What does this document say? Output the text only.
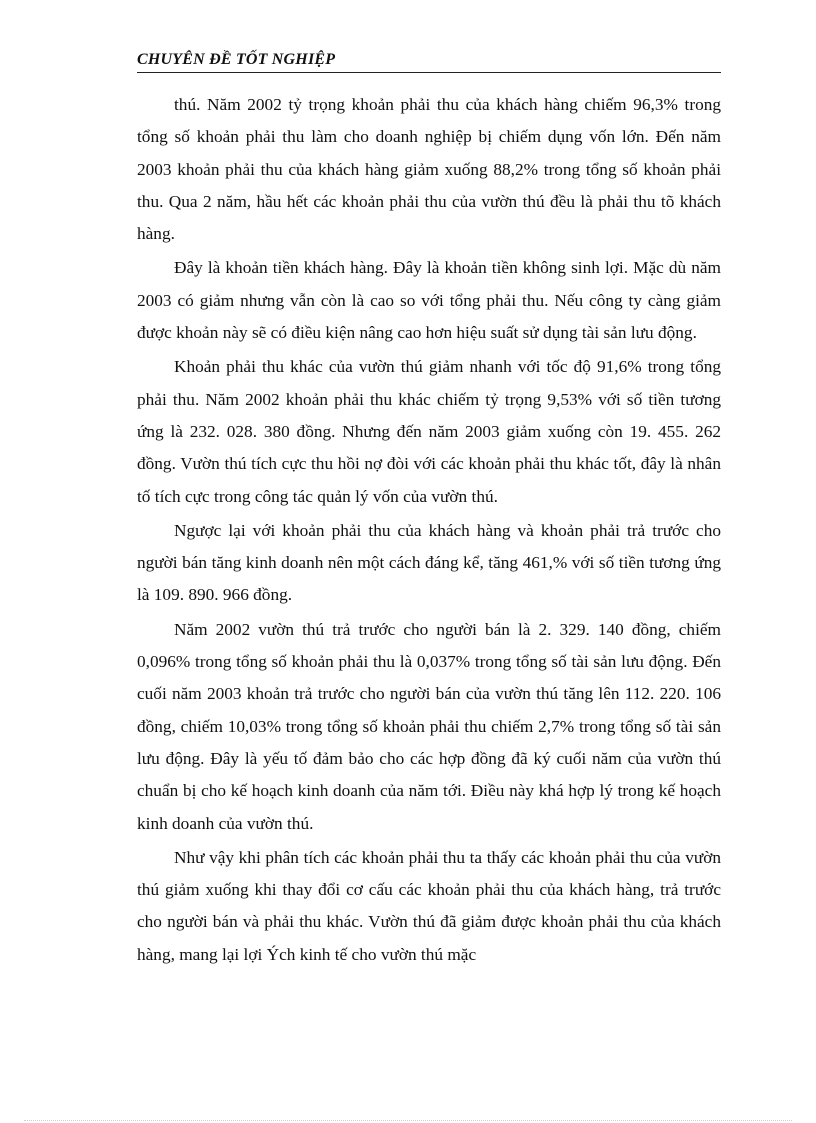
CHUYÊN ĐỀ TỐT NGHIỆP

thú. Năm 2002 tỷ trọng khoản phải thu của khách hàng chiếm 96,3% trong tổng số khoản phải thu làm cho doanh nghiệp bị chiếm dụng vốn lớn. Đến năm 2003 khoản phải thu của khách hàng giảm xuống 88,2% trong tổng số khoản phải thu. Qua 2 năm, hầu hết các khoản phải thu của vườn thú đều là phải thu tõ khách hàng.

Đây là khoản tiền khách hàng. Đây là khoản tiền không sinh lợi. Mặc dù năm 2003 có giảm nhưng vẫn còn là cao so với tổng phải thu. Nếu công ty càng giảm được khoản này sẽ có điều kiện nâng cao hơn hiệu suất sử dụng tài sản lưu động.

Khoản phải thu khác của vườn thú giảm nhanh với tốc độ 91,6% trong tổng phải thu. Năm 2002 khoản phải thu khác chiếm tỷ trọng 9,53% với số tiền tương ứng là 232. 028. 380 đồng. Nhưng đến năm 2003 giảm xuống còn 19. 455. 262 đồng. Vườn thú tích cực thu hồi nợ đòi với các khoản phải thu khác tốt, đây là nhân tố tích cực trong công tác quản lý vốn của vườn thú.

Ngược lại với khoản phải thu của khách hàng và khoản phải trả trước cho người bán tăng kinh doanh nên một cách đáng kể, tăng 461,% với số tiền tương ứng là 109. 890. 966 đồng.

Năm 2002 vườn thú trả trước cho người bán là 2. 329. 140 đồng, chiếm 0,096% trong tổng số khoản phải thu là 0,037% trong tổng số tài sản lưu động. Đến cuối năm 2003 khoản trả trước cho người bán của vườn thú tăng lên 112. 220. 106 đồng, chiếm 10,03% trong tổng số khoản phải thu chiếm 2,7% trong tổng số tài sản lưu động. Đây là yếu tố đảm bảo cho các hợp đồng đã ký cuối năm của vườn thú chuẩn bị cho kế hoạch kinh doanh của năm tới. Điều này khá hợp lý trong kế hoạch kinh doanh của vườn thú.

Như vậy khi phân tích các khoản phải thu ta thấy các khoản phải thu của vườn thú giảm xuống khi thay đổi cơ cấu các khoản phải thu của khách hàng, trả trước cho người bán và phải thu khác. Vườn thú đã giảm được khoản phải thu của khách hàng, mang lại lợi Ých kinh tế cho vườn thú mặc
